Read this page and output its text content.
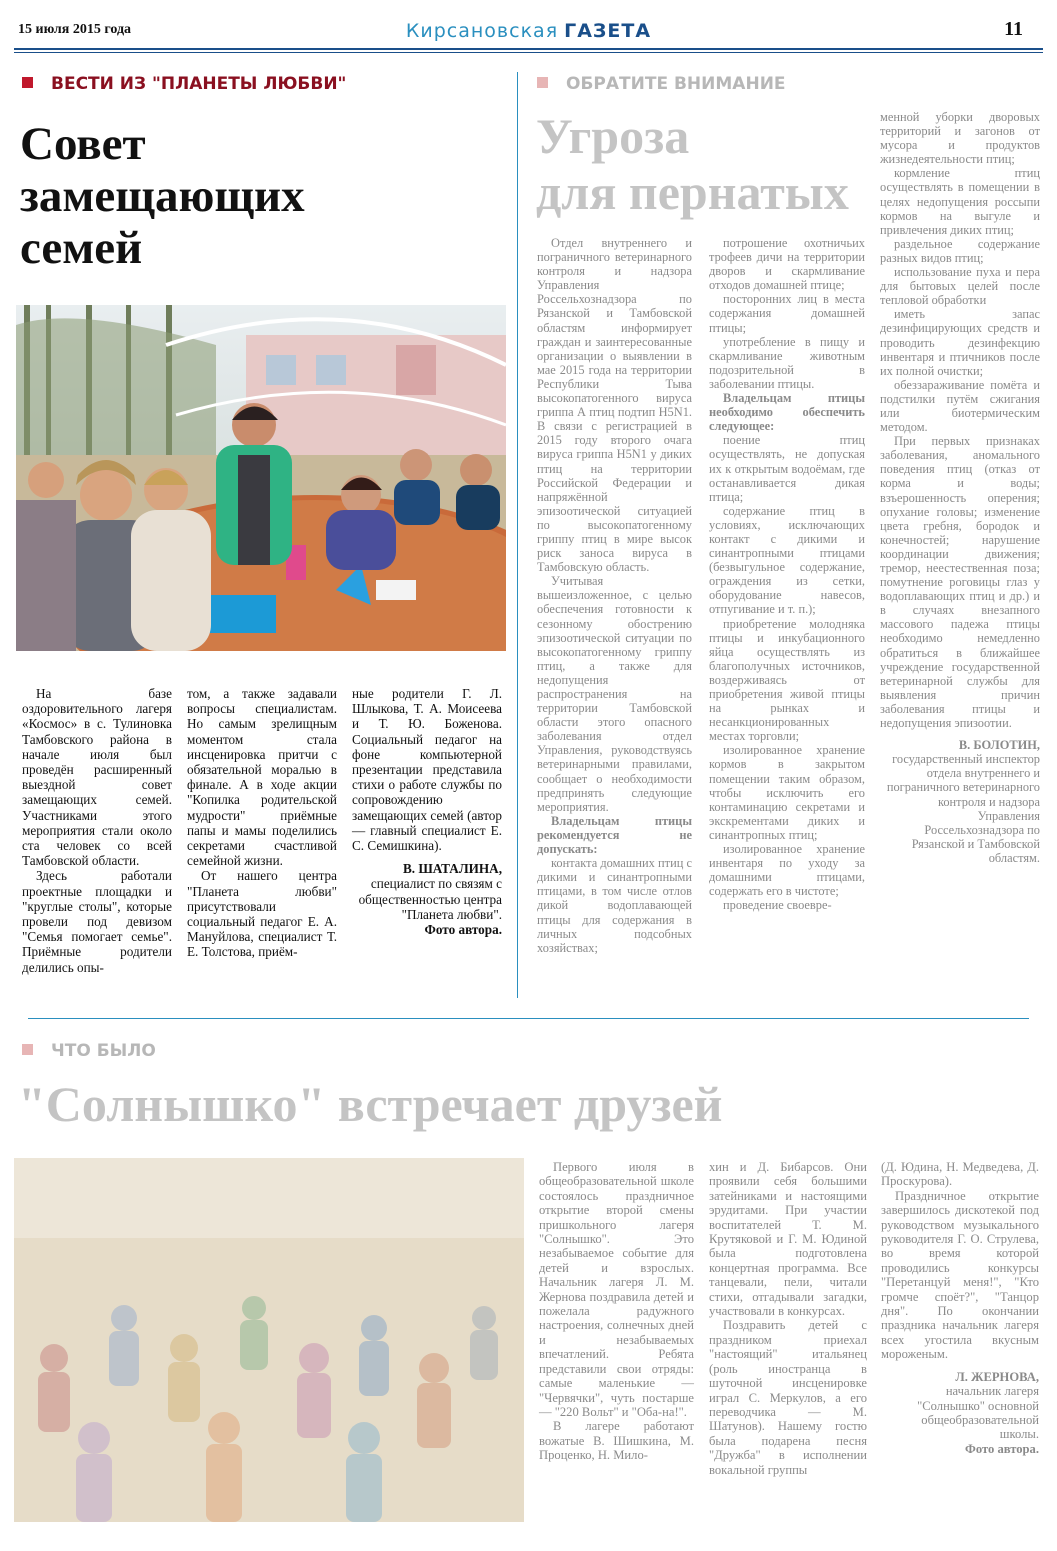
15 июля 2015 года	Кирсановская ГАЗЕТА	11
ВЕСТИ ИЗ "ПЛАНЕТЫ ЛЮБВИ"
Совет
замещающих
семей

На базе оздоровительного лагеря «Космос» в с. Тулиновка Тамбовского района в начале июля был проведён расширенный выездной совет замещающих семей. Участниками этого мероприятия стали около ста человек со всей Тамбовской области.

Здесь работали проектные площадки и "круглые столы", которые провели под девизом "Семья помогает семье". Приёмные родители делились опы-

том, а также задавали вопросы специалистам. Но самым зрелищным моментом стала инсценировка притчи с обязательной моралью в финале. А в ходе акции "Копилка родительской мудрости" приёмные папы и мамы поделились секретами счастливой семейной жизни.

От нашего центра "Планета любви" присутствовали социальный педагог Е. А. Мануйлова, специалист Т. Е. Толстова, приём-

ные родители Г. Л. Шлыкова, Т. А. Моисеева и Т. Ю. Боженова. Социальный педагог на фоне компьютерной презентации представила стихи о работе службы по сопровождению замещающих семей (автор — главный специалист Е. С. Семишкина).

В. ШАТАЛИНА,

специалист по связям с общественностью центра "Планета любви".

Фото автора.

ОБРАТИТЕ ВНИМАНИЕ
Угроза
для пернатых

Отдел внутреннего и пограничного ветеринарного контроля и надзора Управления Россельхознадзора по Рязанской и Тамбовской областям информирует граждан и заинтересованные организации о выявлении в мае 2015 года на территории Республики Тыва высокопатогенного вируса гриппа А птиц подтип H5N1. В связи с регистрацией в 2015 году второго очага вируса гриппа H5N1 у диких птиц на территории Российской Федерации и напряжённой эпизоотической ситуацией по высокопатогенному гриппу птиц в мире высок риск заноса вируса в Тамбовскую область.

Учитывая вышеизложенное, с целью обеспечения готовности к сезонному обострению эпизоотической ситуации по высокопатогенному гриппу птиц, а также для недопущения распространения на территории Тамбовской области этого опасного заболевания отдел Управления, руководствуясь ветеринарными правилами, сообщает о необходимости предпринять следующие мероприятия.

Владельцам птицы рекомендуется не допускать:

контакта домашних птиц с дикими и синантропными птицами, в том числе отлов дикой водоплавающей птицы для содержания в личных подсобных хозяйствах;

потрошение охотничьих трофеев дичи на территории дворов и скармливание отходов домашней птице;

посторонних лиц в места содержания домашней птицы;

употребление в пищу и скармливание животным подозрительной в заболевании птицы.

Владельцам птицы необходимо обеспечить следующее:

поение птиц осуществлять, не допуская их к открытым водоёмам, где останавливается дикая птица;

содержание птиц в условиях, исключающих контакт с дикими и синантропными птицами (безвыгульное содержание, ограждения из сетки, оборудование навесов, отпугивание и т. п.);

приобретение молодняка птицы и инкубационного яйца осуществлять из благополучных источников, воздерживаясь от приобретения живой птицы на рынках и несанкционированных местах торговли;

изолированное хранение кормов в закрытом помещении таким образом, чтобы исключить его контаминацию секретами и экскрементами диких и синантропных птиц;

изолированное хранение инвентаря по уходу за домашними птицами, содержать его в чистоте;

проведение своевре-

менной уборки дворовых территорий и загонов от мусора и продуктов жизнедеятельности птиц;

кормление птиц осуществлять в помещении в целях недопущения россыпи кормов на выгуле и привлечения диких птиц;

раздельное содержание разных видов птиц;

использование пуха и пера для бытовых целей после тепловой обработки

иметь запас дезинфицирующих средств и проводить дезинфекцию инвентаря и птичников после их полной очистки;

обеззараживание помёта и подстилки путём сжигания или биотермическим методом.

При первых признаках заболевания, аномального поведения птиц (отказ от корма и воды; взъерошенность оперения; опухание головы; изменение цвета гребня, бородок и конечностей; нарушение координации движения; тремор, неестественная поза; помутнение роговицы глаз у водоплавающих птиц и др.) и в случаях внезапного массового падежа птицы необходимо немедленно обратиться в ближайшее учреждение государственной ветеринарной службы для выявления причин заболевания птицы и недопущения эпизоотии.

В. БОЛОТИН,

государственный инспектор отдела внутреннего и пограничного ветеринарного контроля и надзора Управления Россельхознадзора по Рязанской и Тамбовской областям.

ЧТО БЫЛО
"Солнышко" встречает друзей

Первого июля в общеобразовательной школе состоялось праздничное открытие второй смены пришкольного лагеря "Солнышко". Это незабываемое событие для детей и взрослых. Начальник лагеря Л. М. Жернова поздравила детей и пожелала радужного настроения, солнечных дней и незабываемых впечатлений. Ребята представили свои отряды: самые маленькие — "Червячки", чуть постарше — "220 Вольт" и "Оба-на!".

В лагере работают вожатые В. Шишкина, М. Проценко, Н. Мило-

хин и Д. Бибарсов. Они проявили себя большими затейниками и настоящими эрудитами. При участии воспитателей Т. М. Крутяковой и Г. М. Юдиной была подготовлена концертная программа. Все танцевали, пели, читали стихи, отгадывали загадки, участвовали в конкурсах.

Поздравить детей с праздником приехал "настоящий" итальянец (роль иностранца в шуточной инсценировке играл С. Меркулов, а его переводчика — М. Шатунов). Нашему гостю была подарена песня "Дружба" в исполнении вокальной группы

(Д. Юдина, Н. Медведева, Д. Проскурова).

Праздничное открытие завершилось дискотекой под руководством музыкального руководителя Г. О. Струлева, во время которой проводились конкурсы "Перетанцуй меня!", "Кто громче споёт?", "Танцор дня". По окончании праздника начальник лагеря всех угостила вкусным мороженым.

Л. ЖЕРНОВА,

начальник лагеря "Солнышко" основной общеобразовательной школы.

Фото автора.
